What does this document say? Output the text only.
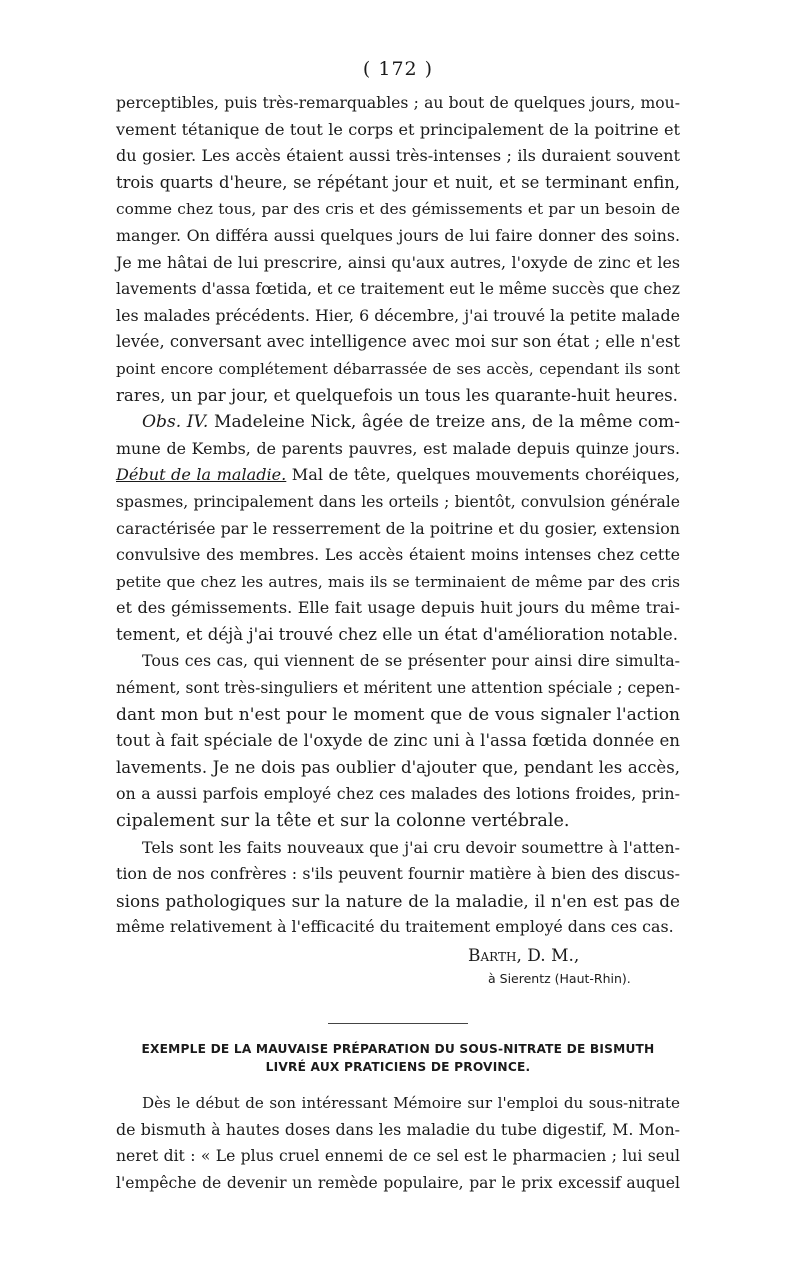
( 172 )
perceptibles, puis très-remarquables ; au bout de quelques jours, mou-
vement tétanique de tout le corps et principalement de la poitrine et
du gosier. Les accès étaient aussi très-intenses ; ils duraient souvent
trois quarts d'heure, se répétant jour et nuit, et se terminant enfin,
comme chez tous, par des cris et des gémissements et par un besoin de
manger. On différa aussi quelques jours de lui faire donner des soins.
Je me hâtai de lui prescrire, ainsi qu'aux autres, l'oxyde de zinc et les
lavements d'assa fœtida, et ce traitement eut le même succès que chez
les malades précédents. Hier, 6 décembre, j'ai trouvé la petite malade
levée, conversant avec intelligence avec moi sur son état ; elle n'est
point encore complétement débarrassée de ses accès, cependant ils sont
rares, un par jour, et quelquefois un tous les quarante-huit heures.
Obs. IV. Madeleine Nick, âgée de treize ans, de la même com-
mune de Kembs, de parents pauvres, est malade depuis quinze jours.
Début de la maladie. Mal de tête, quelques mouvements choréiques,
spasmes, principalement dans les orteils ; bientôt, convulsion générale
caractérisée par le resserrement de la poitrine et du gosier, extension
convulsive des membres. Les accès étaient moins intenses chez cette
petite que chez les autres, mais ils se terminaient de même par des cris
et des gémissements. Elle fait usage depuis huit jours du même trai-
tement, et déjà j'ai trouvé chez elle un état d'amélioration notable.
Tous ces cas, qui viennent de se présenter pour ainsi dire simulta-
nément, sont très-singuliers et méritent une attention spéciale ; cepen-
dant mon but n'est pour le moment que de vous signaler l'action
tout à fait spéciale de l'oxyde de zinc uni à l'assa fœtida donnée en
lavements. Je ne dois pas oublier d'ajouter que, pendant les accès,
on a aussi parfois employé chez ces malades des lotions froides, prin-
cipalement sur la tête et sur la colonne vertébrale.
Tels sont les faits nouveaux que j'ai cru devoir soumettre à l'atten-
tion de nos confrères : s'ils peuvent fournir matière à bien des discus-
sions pathologiques sur la nature de la maladie, il n'en est pas de
même relativement à l'efficacité du traitement employé dans ces cas.
Barth, D. M.,
à Sierentz (Haut-Rhin).
EXEMPLE DE LA MAUVAISE PRÉPARATION DU SOUS-NITRATE DE BISMUTH
LIVRÉ AUX PRATICIENS DE PROVINCE.
Dès le début de son intéressant Mémoire sur l'emploi du sous-nitrate
de bismuth à hautes doses dans les maladie du tube digestif, M. Mon-
neret dit : « Le plus cruel ennemi de ce sel est le pharmacien ; lui seul
l'empêche de devenir un remède populaire, par le prix excessif auquel
